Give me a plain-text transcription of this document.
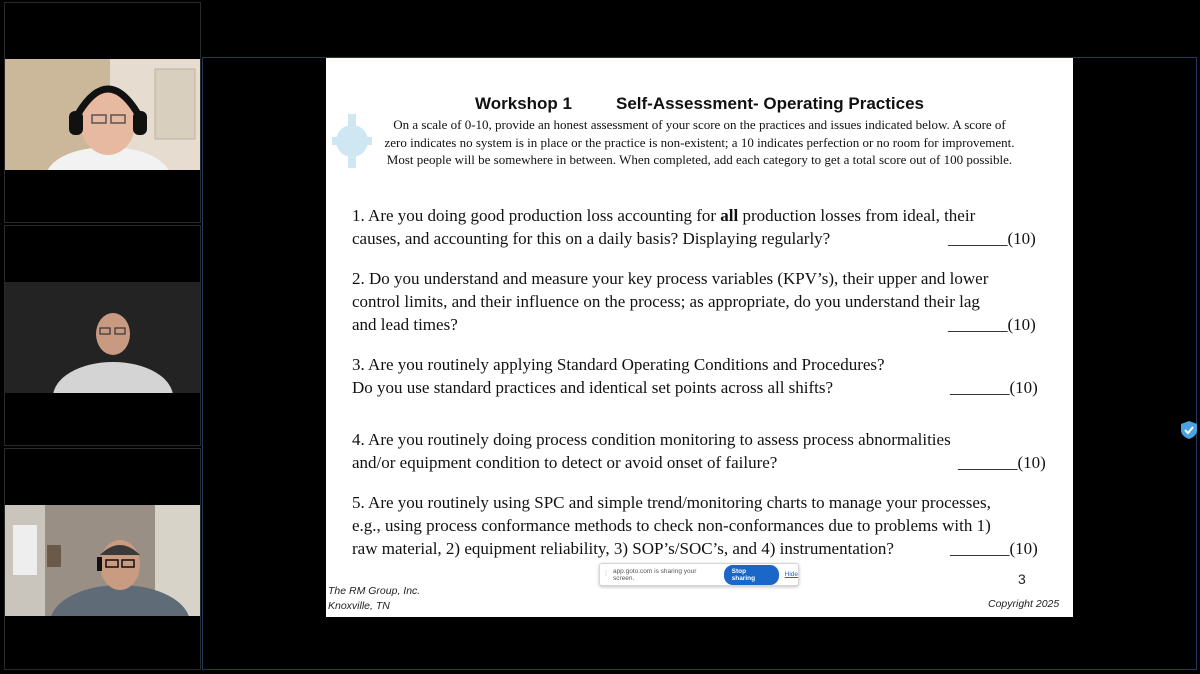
Workshop 1	Self-Assessment- Operating Practices
On a scale of 0-10, provide an honest assessment of your score on the practices and issues indicated below. A score of
zero indicates no system is in place or the practice is non-existent; a 10 indicates perfection or no room for improvement.
Most people will be somewhere in between. When completed, add each category to get a total score out of 100 possible.
1. Are you doing good production loss accounting for all production losses from ideal, their
causes, and accounting for this on a daily basis? Displaying regularly?	_______(10)
2. Do you understand and measure your key process variables (KPV’s), their upper and lower
control limits, and their influence on the process; as appropriate, do you understand their lag
and lead times?	_______(10)
3. Are you routinely applying Standard Operating Conditions and Procedures?
Do you use standard practices and identical set points across all shifts?	_______(10)
4. Are you routinely doing process condition monitoring to assess process abnormalities
and/or equipment condition to detect or avoid onset of failure?	_______(10)
5. Are you routinely using SPC and simple trend/monitoring charts to manage your processes,
e.g., using process conformance methods to check non-conformances due to problems with 1)
raw material, 2) equipment reliability, 3) SOP’s/SOC’s, and 4) instrumentation?	_______(10)
The RM Group, Inc.
Knoxville, TN
3
Copyright 2025
⁞ app.goto.com is sharing your screen.
Stop sharing	Hide
